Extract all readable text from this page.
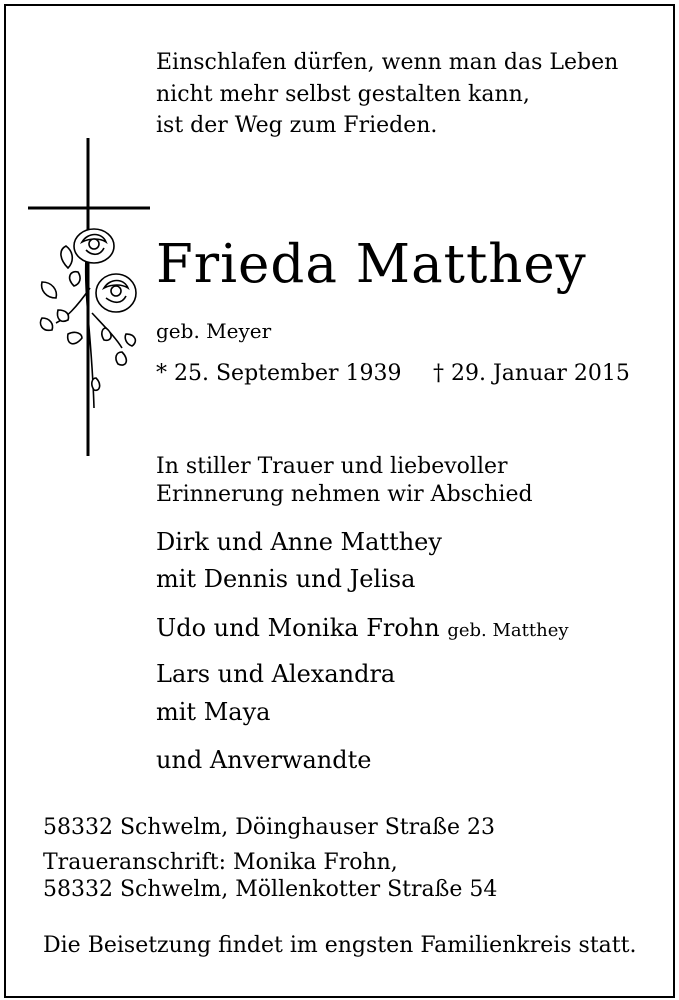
Einschlafen dürfen, wenn man das Leben
nicht mehr selbst gestalten kann,
ist der Weg zum Frieden.
Frieda Matthey
geb. Meyer
* 25. September 1939 † 29. Januar 2015
In stiller Trauer und liebevoller
Erinnerung nehmen wir Abschied
Dirk und Anne Matthey
mit Dennis und Jelisa
Udo und Monika Frohn geb. Matthey
Lars und Alexandra
mit Maya
und Anverwandte
58332 Schwelm, Döinghauser Straße 23
Traueranschrift: Monika Frohn,
58332 Schwelm, Möllenkotter Straße 54
Die Beisetzung findet im engsten Familienkreis statt.
